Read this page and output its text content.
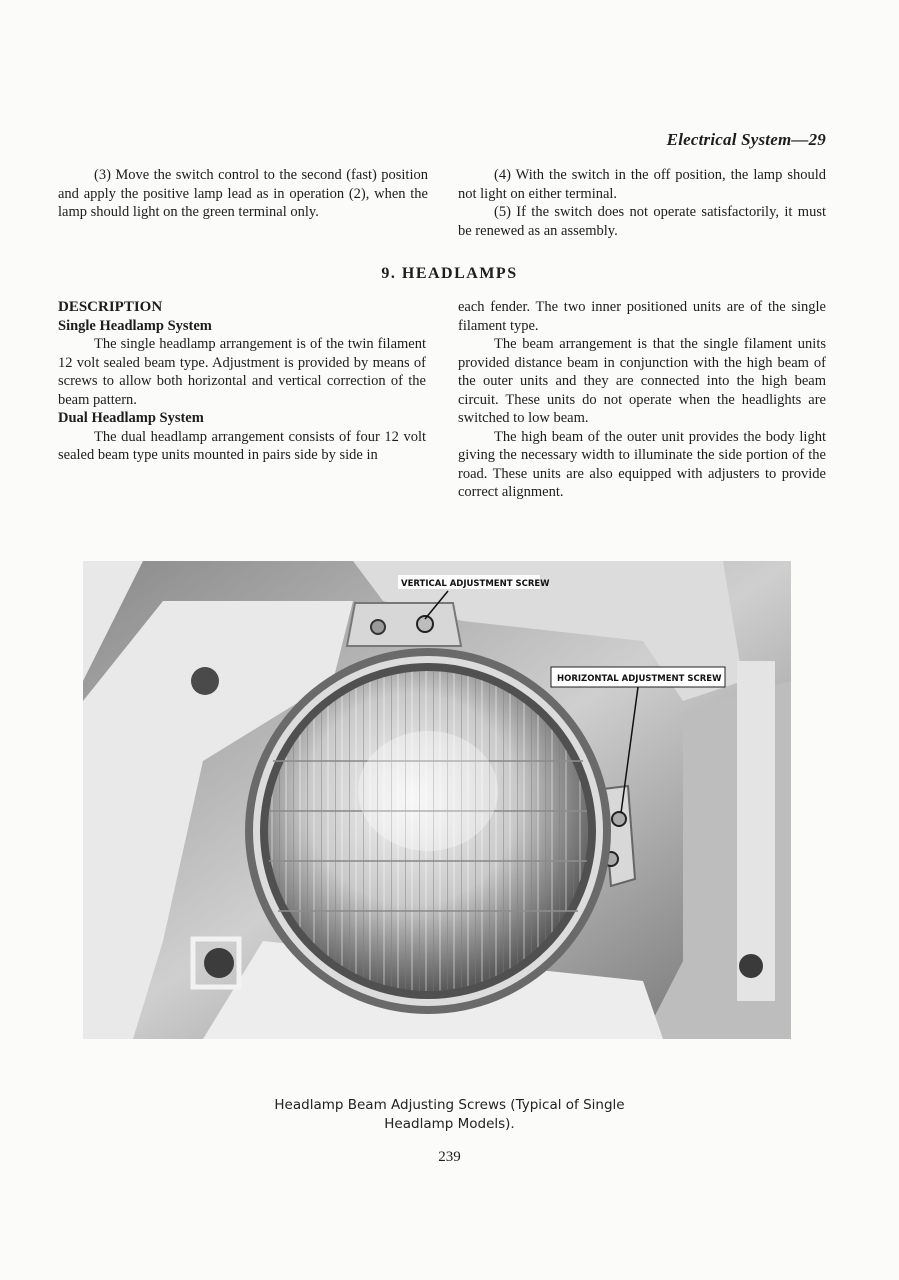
Electrical System—29

(3) Move the switch control to the second (fast) position and apply the positive lamp lead as in operation (2), when the lamp should light on the green terminal only.

(4) With the switch in the off position, the lamp should not light on either terminal.

(5) If the switch does not operate satisfactorily, it must be renewed as an assembly.

9. HEADLAMPS

DESCRIPTION

Single Headlamp System

The single headlamp arrangement is of the twin filament 12 volt sealed beam type. Adjustment is provided by means of screws to allow both horizontal and vertical correction of the beam pattern.

Dual Headlamp System

The dual headlamp arrangement consists of four 12 volt sealed beam type units mounted in pairs side by side in

each fender. The two inner positioned units are of the single filament type.

The beam arrangement is that the single filament units provided distance beam in conjunction with the high beam of the outer units and they are connected into the high beam circuit. These units do not operate when the headlights are switched to low beam.

The high beam of the outer unit provides the body light giving the necessary width to illuminate the side portion of the road. These units are also equipped with adjusters to provide correct alignment.

VERTICAL ADJUSTMENT SCREW
HORIZONTAL ADJUSTMENT SCREW
Headlamp Beam Adjusting Screws (Typical of Single
Headlamp Models).
239
